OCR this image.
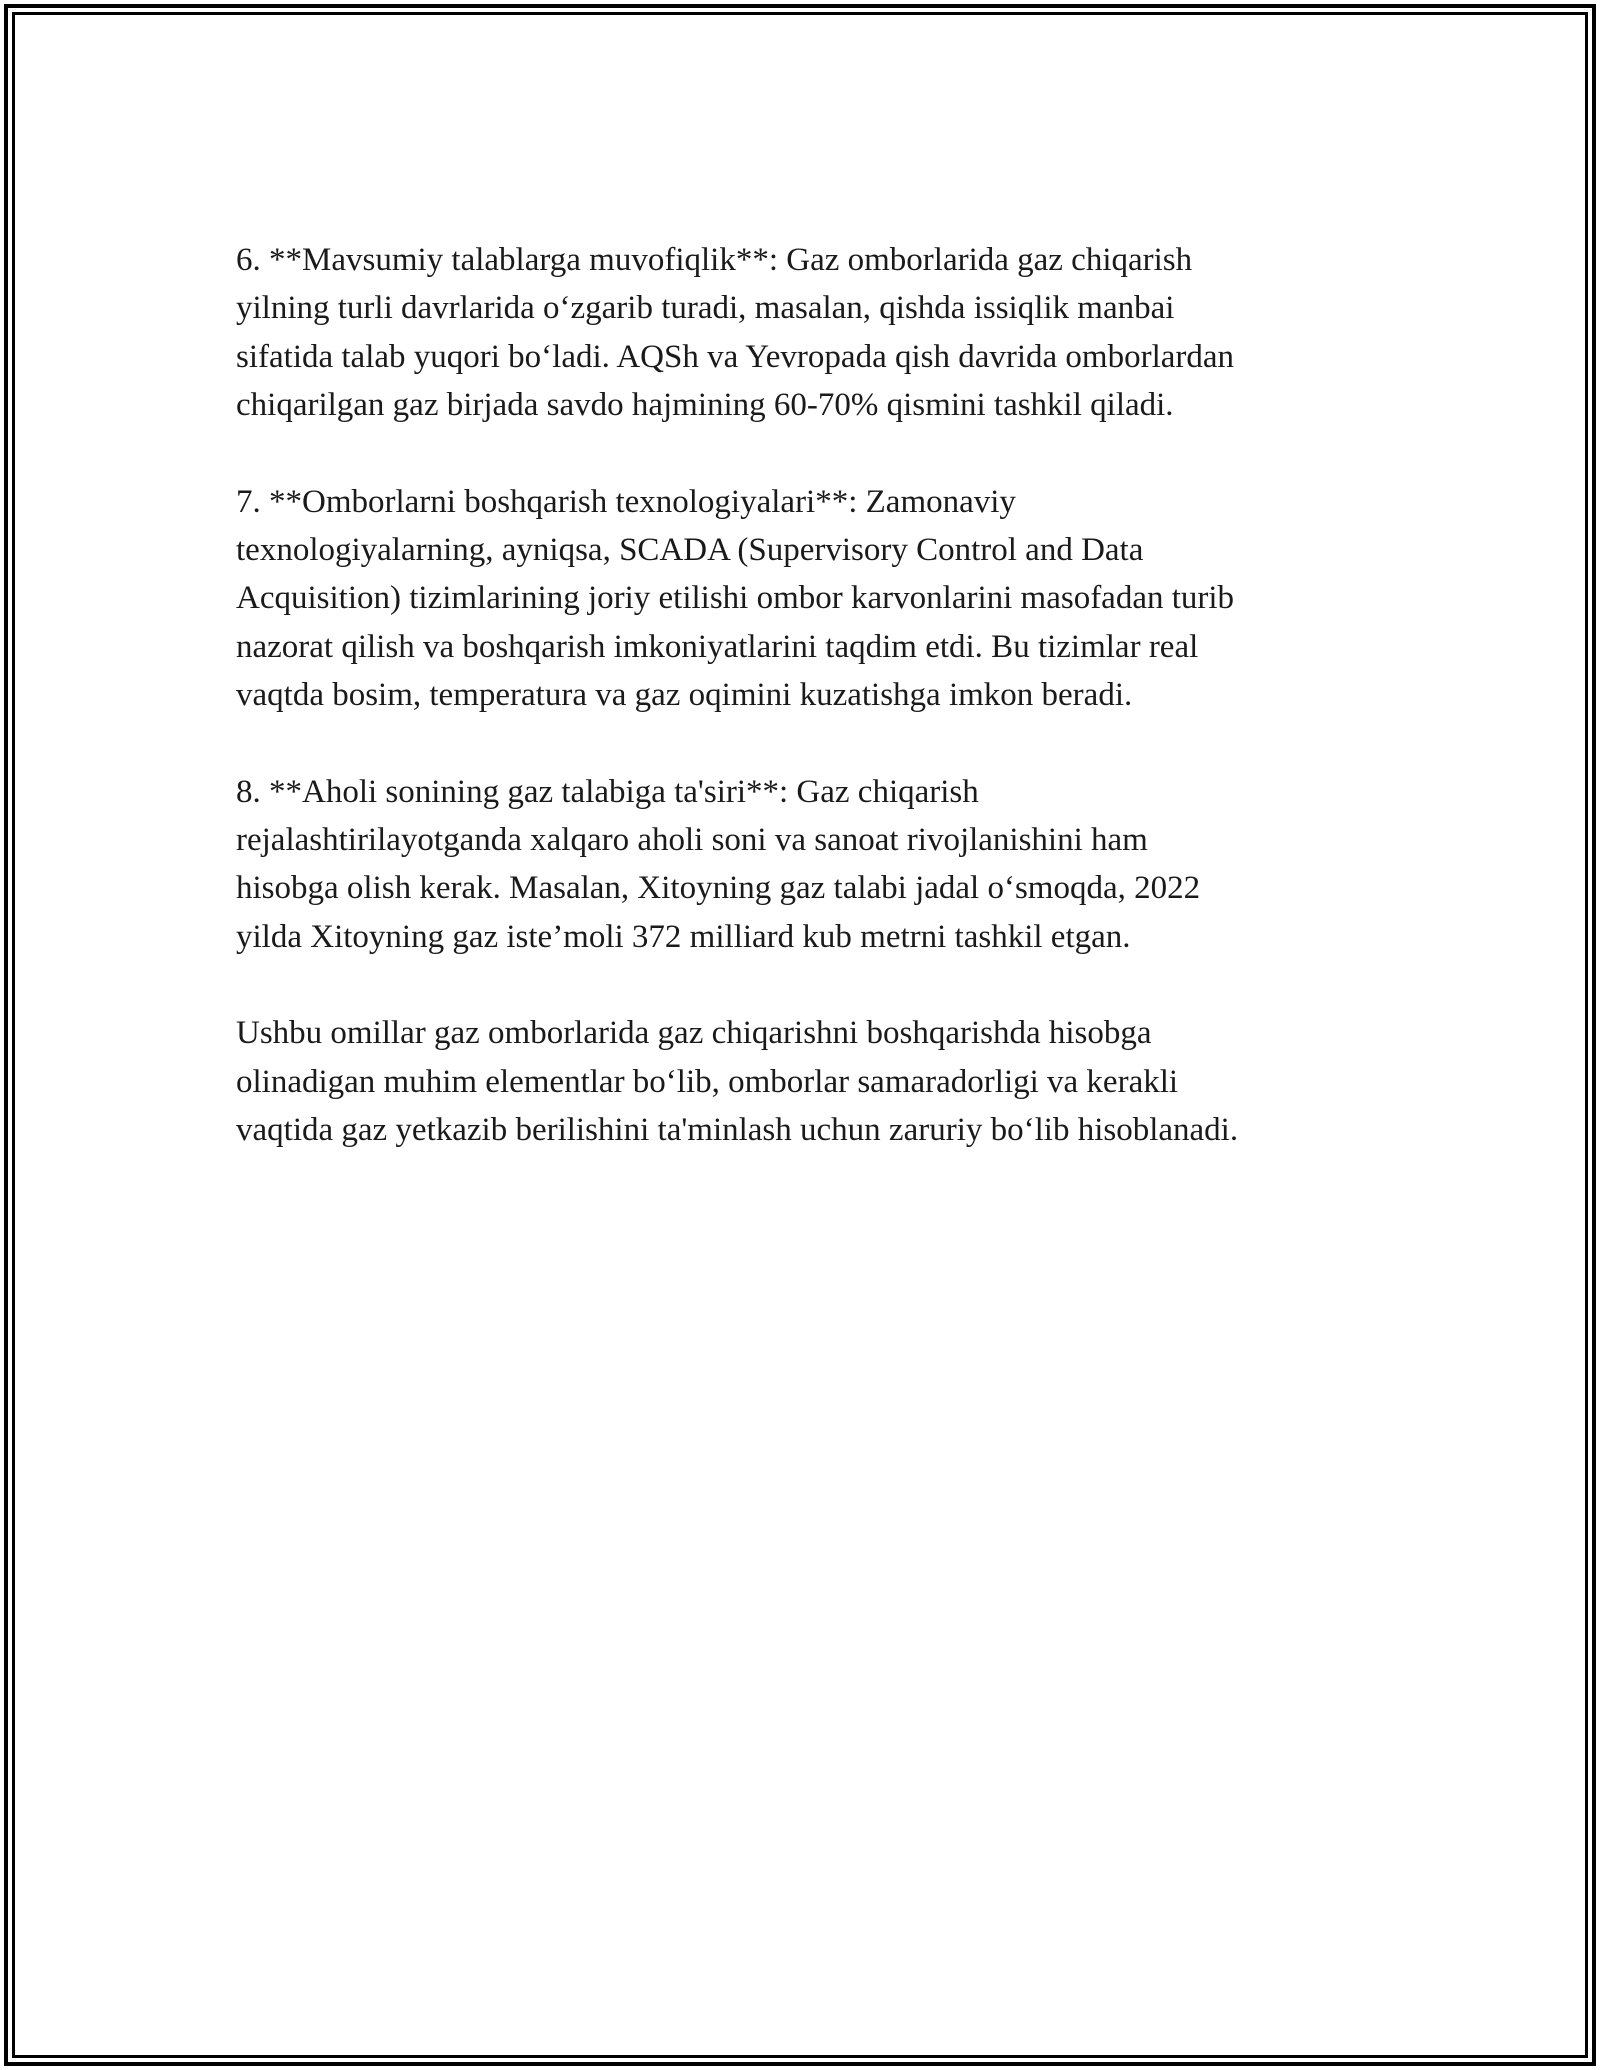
6. **Mavsumiy talablarga muvofiqlik**: Gaz omborlarida gaz chiqarish
yilning turli davrlarida o‘zgarib turadi, masalan, qishda issiqlik manbai
sifatida talab yuqori bo‘ladi. AQSh va Yevropada qish davrida omborlardan
chiqarilgan gaz birjada savdo hajmining 60-70% qismini tashkil qiladi.

7. **Omborlarni boshqarish texnologiyalari**: Zamonaviy
texnologiyalarning, ayniqsa, SCADA (Supervisory Control and Data
Acquisition) tizimlarining joriy etilishi ombor karvonlarini masofadan turib
nazorat qilish va boshqarish imkoniyatlarini taqdim etdi. Bu tizimlar real
vaqtda bosim, temperatura va gaz oqimini kuzatishga imkon beradi.

8. **Aholi sonining gaz talabiga ta'siri**: Gaz chiqarish
rejalashtirilayotganda xalqaro aholi soni va sanoat rivojlanishini ham
hisobga olish kerak. Masalan, Xitoyning gaz talabi jadal o‘smoqda, 2022
yilda Xitoyning gaz iste’moli 372 milliard kub metrni tashkil etgan.

Ushbu omillar gaz omborlarida gaz chiqarishni boshqarishda hisobga
olinadigan muhim elementlar bo‘lib, omborlar samaradorligi va kerakli
vaqtida gaz yetkazib berilishini ta'minlash uchun zaruriy bo‘lib hisoblanadi.
